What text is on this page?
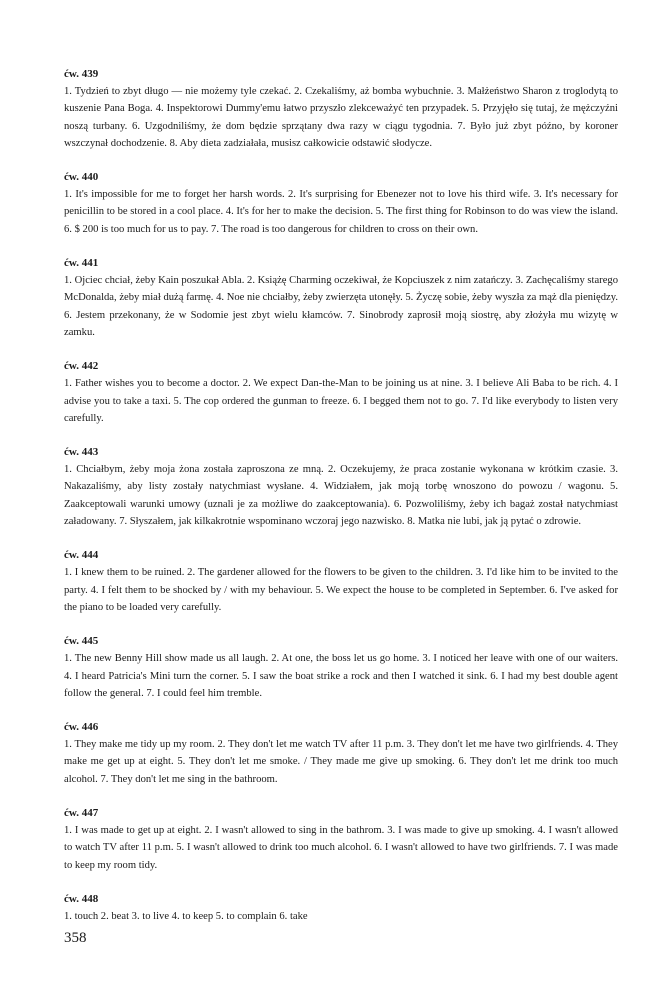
ćw. 439

1. Tydzień to zbyt długo — nie możemy tyle czekać. 2. Czekaliśmy, aż bomba wybuchnie. 3. Małżeństwo Sharon z troglodytą to kuszenie Pana Boga. 4. Inspektorowi Dummy'emu łatwo przyszło zlekceważyć ten przypadek. 5. Przyjęło się tutaj, że mężczyźni noszą turbany. 6. Uzgodniliśmy, że dom będzie sprzątany dwa razy w ciągu tygodnia. 7. Było już zbyt późno, by koroner wszczynał dochodzenie. 8. Aby dieta zadziałała, musisz całkowicie odstawić słodycze.

ćw. 440

1. It's impossible for me to forget her harsh words. 2. It's surprising for Ebenezer not to love his third wife. 3. It's necessary for penicillin to be stored in a cool place. 4. It's for her to make the decision. 5. The first thing for Robinson to do was view the island. 6. $ 200 is too much for us to pay. 7. The road is too dangerous for children to cross on their own.

ćw. 441

1. Ojciec chciał, żeby Kain poszukał Abla. 2. Książę Charming oczekiwał, że Kopciuszek z nim zatańczy. 3. Zachęcaliśmy starego McDonalda, żeby miał dużą farmę. 4. Noe nie chciałby, żeby zwierzęta utonęły. 5. Życzę sobie, żeby wyszła za mąż dla pieniędzy. 6. Jestem przekonany, że w Sodomie jest zbyt wielu kłamców. 7. Sinobrody zaprosił moją siostrę, aby złożyła mu wizytę w zamku.

ćw. 442

1. Father wishes you to become a doctor. 2. We expect Dan-the-Man to be joining us at nine. 3. I believe Ali Baba to be rich. 4. I advise you to take a taxi. 5. The cop ordered the gunman to freeze. 6. I begged them not to go. 7. I'd like everybody to listen very carefully.

ćw. 443

1. Chciałbym, żeby moja żona została zaproszona ze mną. 2. Oczekujemy, że praca zostanie wykonana w krótkim czasie. 3. Nakazaliśmy, aby listy zostały natychmiast wysłane. 4. Widziałem, jak moją torbę wnoszono do powozu / wagonu. 5. Zaakceptowali warunki umowy (uznali je za możliwe do zaakceptowania). 6. Pozwoliliśmy, żeby ich bagaż został natychmiast załadowany. 7. Słyszałem, jak kilkakrotnie wspominano wczoraj jego nazwisko. 8. Matka nie lubi, jak ją pytać o zdrowie.

ćw. 444

1. I knew them to be ruined. 2. The gardener allowed for the flowers to be given to the children. 3. I'd like him to be invited to the party. 4. I felt them to be shocked by / with my behaviour. 5. We expect the house to be completed in September. 6. I've asked for the piano to be loaded very carefully.

ćw. 445

1. The new Benny Hill show made us all laugh. 2. At one, the boss let us go home. 3. I noticed her leave with one of our waiters. 4. I heard Patricia's Mini turn the corner. 5. I saw the boat strike a rock and then I watched it sink. 6. I had my best double agent follow the general. 7. I could feel him tremble.

ćw. 446

1. They make me tidy up my room. 2. They don't let me watch TV after 11 p.m. 3. They don't let me have two girlfriends. 4. They make me get up at eight. 5. They don't let me smoke. / They made me give up smoking. 6. They don't let me drink too much alcohol. 7. They don't let me sing in the bathroom.

ćw. 447

1. I was made to get up at eight. 2. I wasn't allowed to sing in the bathrom. 3. I was made to give up smoking. 4. I wasn't allowed to watch TV after 11 p.m. 5. I wasn't allowed to drink too much alcohol. 6. I wasn't allowed to have two girlfriends. 7. I was made to keep my room tidy.

ćw. 448

1. touch 2. beat 3. to live 4. to keep 5. to complain 6. take

358
